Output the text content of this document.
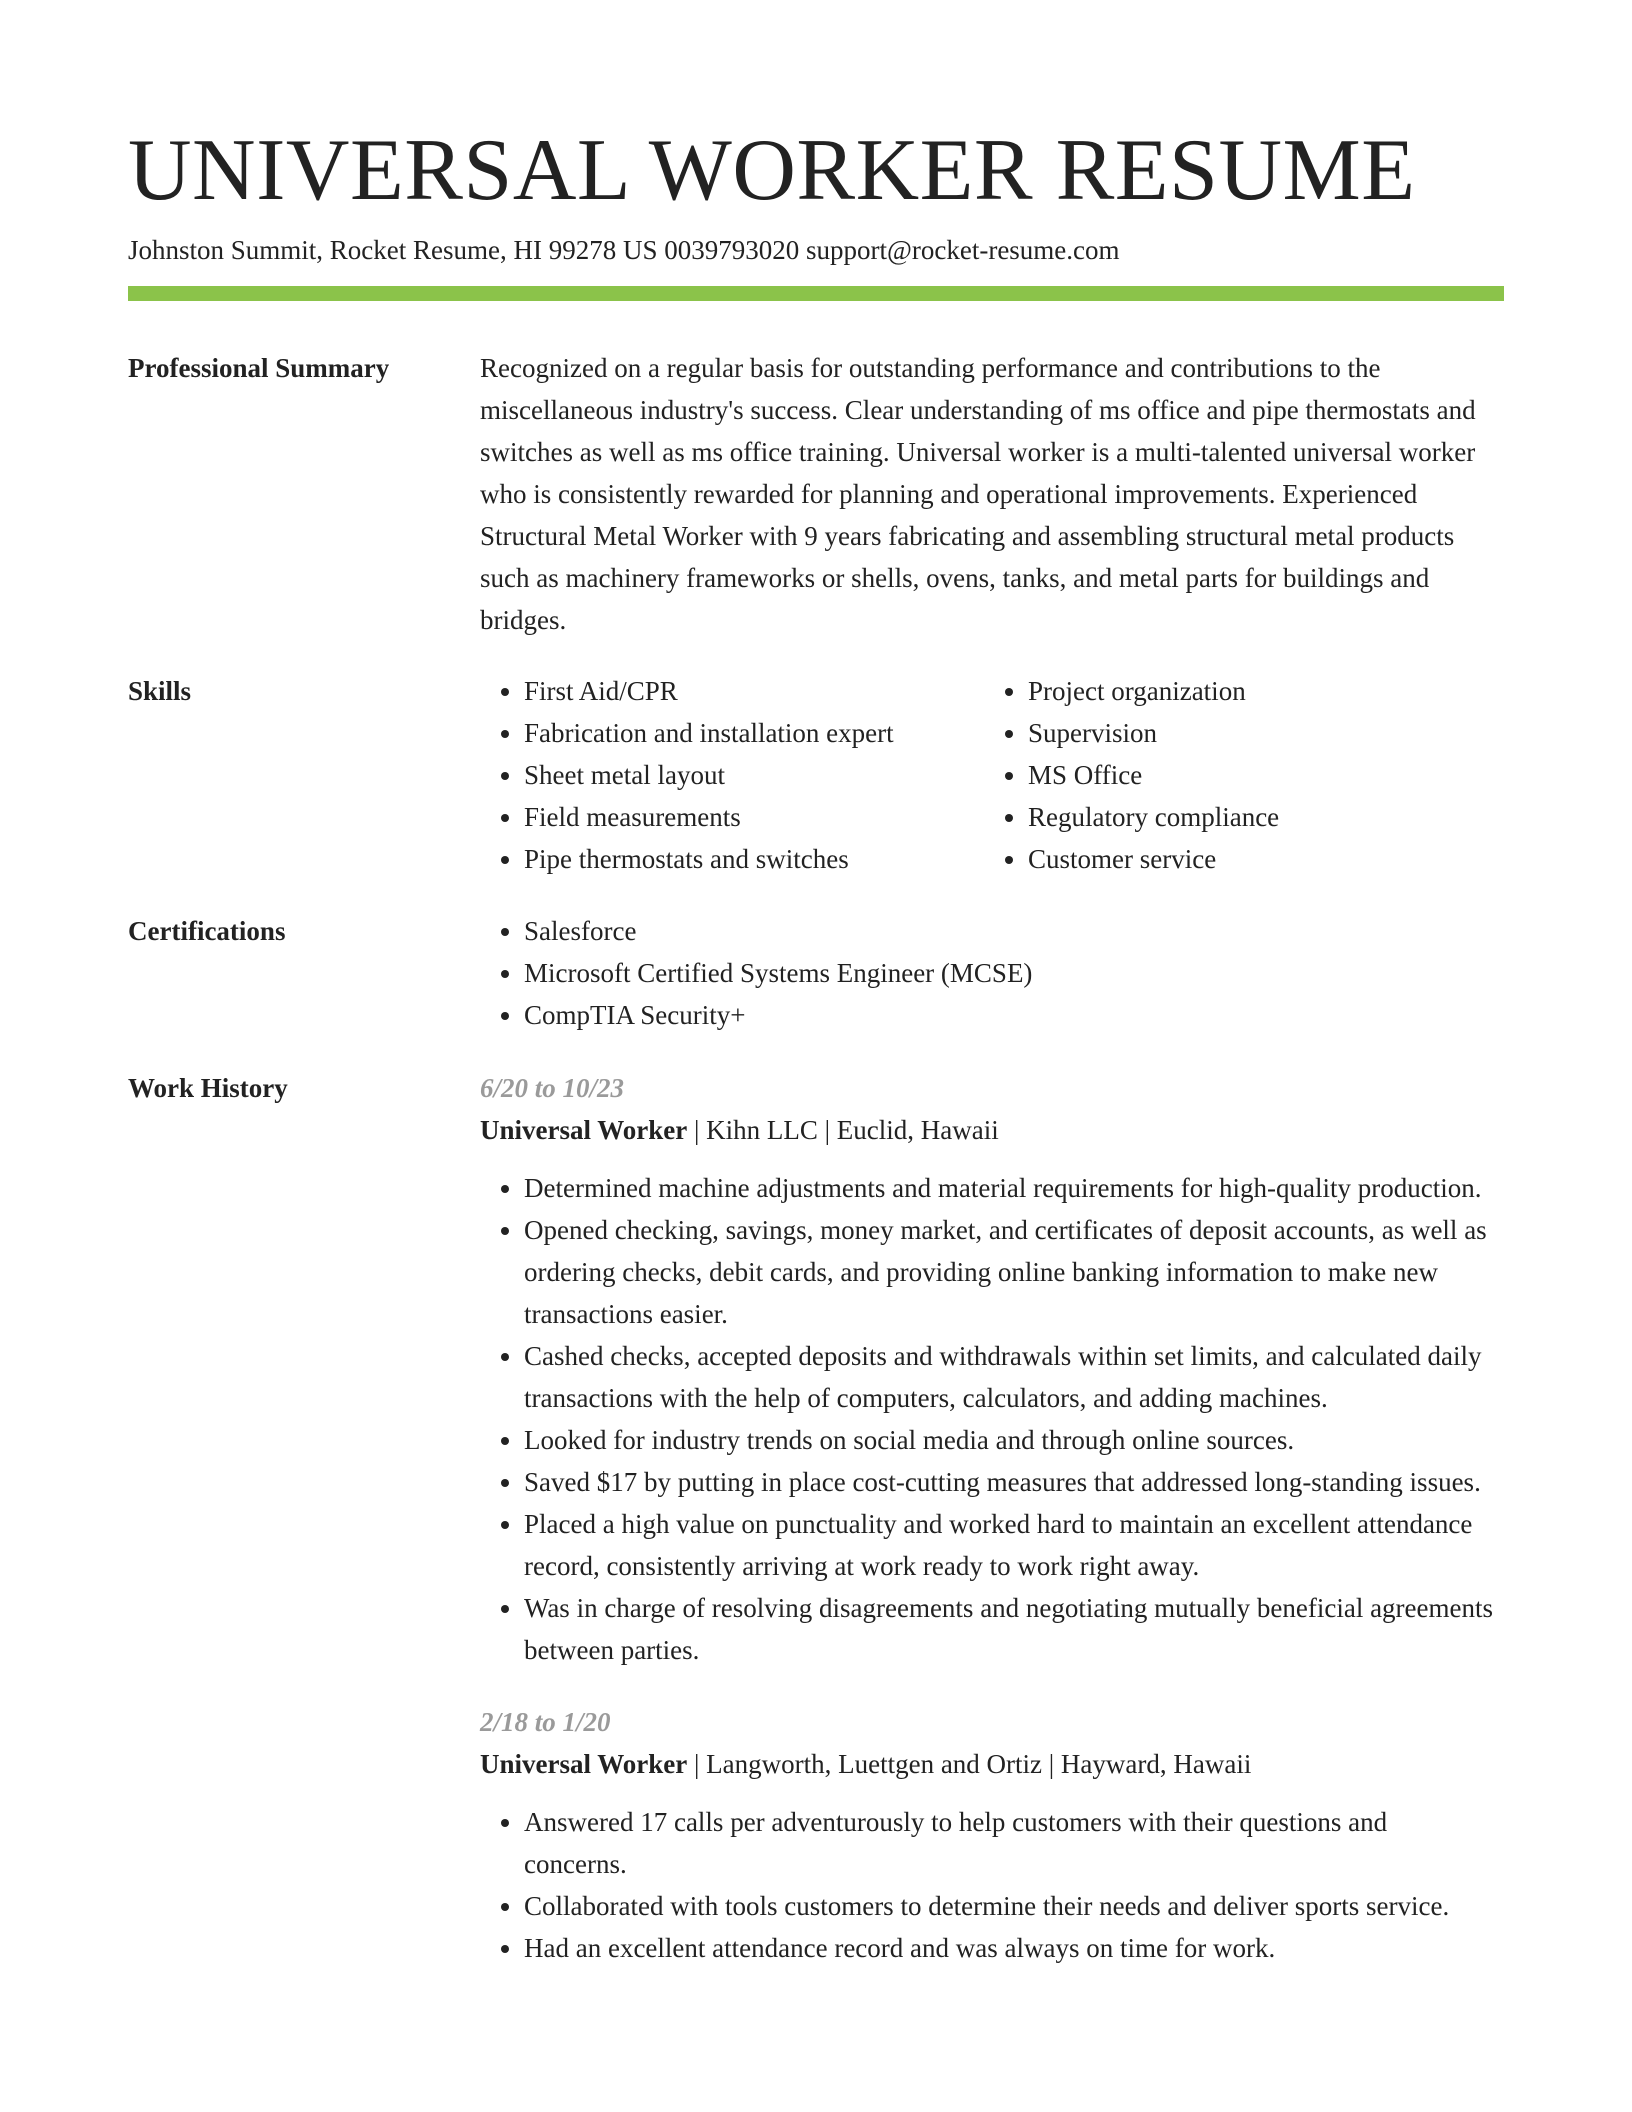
UNIVERSAL WORKER RESUME
Johnston Summit, Rocket Resume, HI 99278 US 0039793020 support@rocket-resume.com
Professional Summary	Recognized on a regular basis for outstanding performance and contributions to the miscellaneous industry's success. Clear understanding of ms office and pipe thermostats and switches as well as ms office training. Universal worker is a multi-talented universal worker who is consistently rewarded for planning and operational improvements. Experienced Structural Metal Worker with 9 years fabricating and assembling structural metal products such as machinery frameworks or shells, ovens, tanks, and metal parts for buildings and bridges.

Skills	• First Aid/CPR
• Fabrication and installation expert
• Sheet metal layout
• Field measurements
• Pipe thermostats and switches
• Project organization
• Supervision
• MS Office
• Regulatory compliance
• Customer service
Certifications	• Salesforce
• Microsoft Certified Systems Engineer (MCSE)
• CompTIA Security+
Work History	6/20 to 10/23
Universal Worker | Kihn LLC | Euclid, Hawaii
• Determined machine adjustments and material requirements for high-quality production.
• Opened checking, savings, money market, and certificates of deposit accounts, as well as ordering checks, debit cards, and providing online banking information to make new transactions easier.
• Cashed checks, accepted deposits and withdrawals within set limits, and calculated daily transactions with the help of computers, calculators, and adding machines.
• Looked for industry trends on social media and through online sources.
• Saved $17 by putting in place cost-cutting measures that addressed long-standing issues.
• Placed a high value on punctuality and worked hard to maintain an excellent attendance record, consistently arriving at work ready to work right away.
• Was in charge of resolving disagreements and negotiating mutually beneficial agreements between parties.
2/18 to 1/20
Universal Worker | Langworth, Luettgen and Ortiz | Hayward, Hawaii
• Answered 17 calls per adventurously to help customers with their questions and concerns.
• Collaborated with tools customers to determine their needs and deliver sports service.
• Had an excellent attendance record and was always on time for work.
